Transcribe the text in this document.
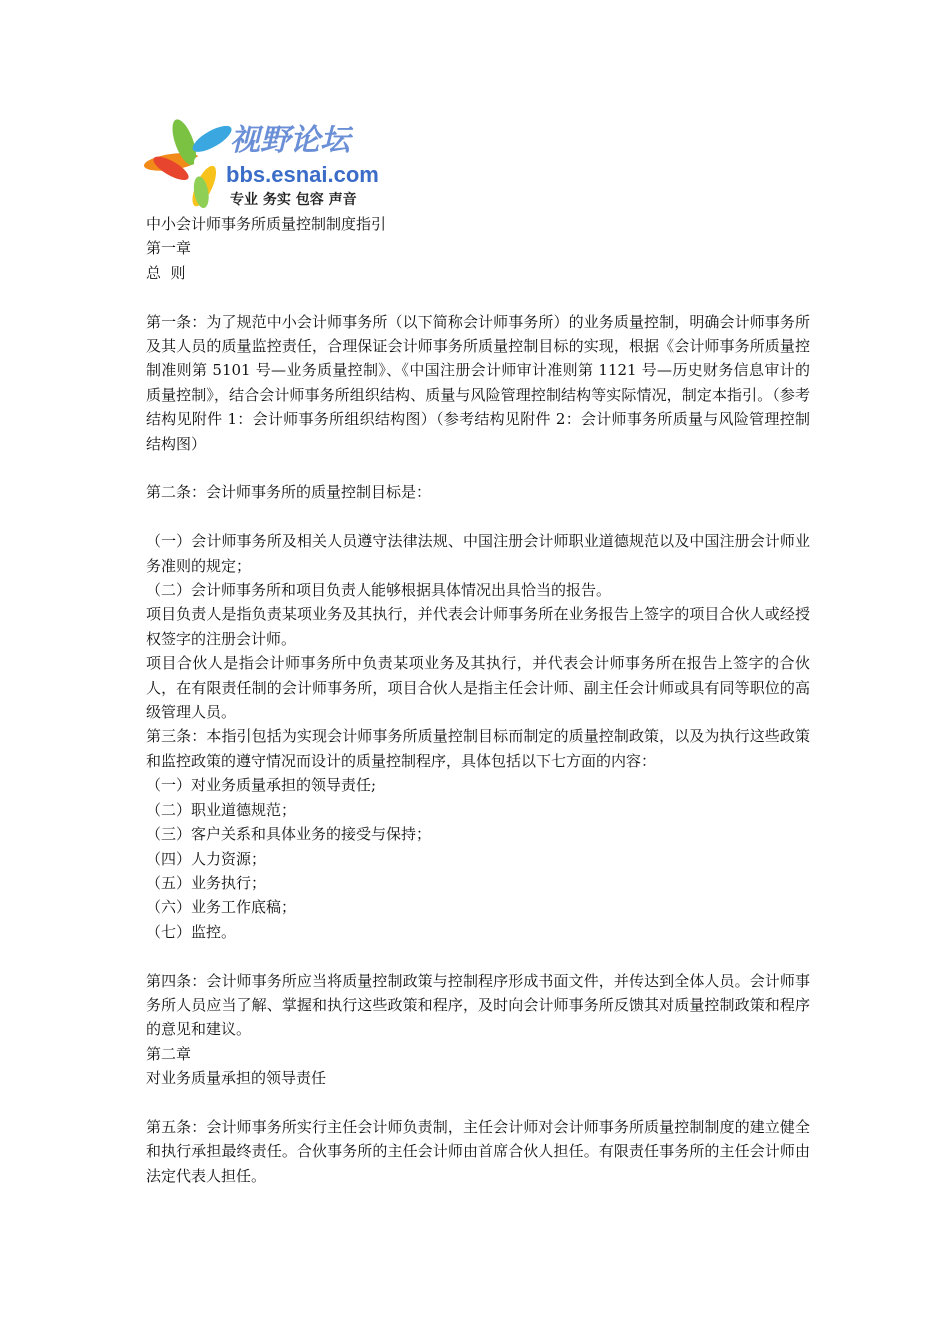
视野论坛
bbs.esnai.com
专业 务实 包容 声音

中小会计师事务所质量控制制度指引

第一章

总  则

第一条：为了规范中小会计师事务所（以下简称会计师事务所）的业务质量控制，明确会计师事务所及其人员的质量监控责任，合理保证会计师事务所质量控制目标的实现，根据《会计师事务所质量控制准则第 5101 号—业务质量控制》、《中国注册会计师审计准则第 1121 号—历史财务信息审计的质量控制》，结合会计师事务所组织结构、质量与风险管理控制结构等实际情况，制定本指引。（参考结构见附件 1：会计师事务所组织结构图）（参考结构见附件 2：会计师事务所质量与风险管理控制结构图）

第二条：会计师事务所的质量控制目标是：

（一）会计师事务所及相关人员遵守法律法规、中国注册会计师职业道德规范以及中国注册会计师业务准则的规定；

（二）会计师事务所和项目负责人能够根据具体情况出具恰当的报告。

项目负责人是指负责某项业务及其执行，并代表会计师事务所在业务报告上签字的项目合伙人或经授权签字的注册会计师。

项目合伙人是指会计师事务所中负责某项业务及其执行，并代表会计师事务所在报告上签字的合伙人，在有限责任制的会计师事务所，项目合伙人是指主任会计师、副主任会计师或具有同等职位的高级管理人员。

第三条：本指引包括为实现会计师事务所质量控制目标而制定的质量控制政策，以及为执行这些政策和监控政策的遵守情况而设计的质量控制程序，具体包括以下七方面的内容：

（一）对业务质量承担的领导责任;

（二）职业道德规范；

（三）客户关系和具体业务的接受与保持；

（四）人力资源；

（五）业务执行；

（六）业务工作底稿；

（七）监控。

第四条：会计师事务所应当将质量控制政策与控制程序形成书面文件，并传达到全体人员。会计师事务所人员应当了解、掌握和执行这些政策和程序，及时向会计师事务所反馈其对质量控制政策和程序的意见和建议。

第二章

对业务质量承担的领导责任

第五条：会计师事务所实行主任会计师负责制，主任会计师对会计师事务所质量控制制度的建立健全和执行承担最终责任。合伙事务所的主任会计师由首席合伙人担任。有限责任事务所的主任会计师由法定代表人担任。
